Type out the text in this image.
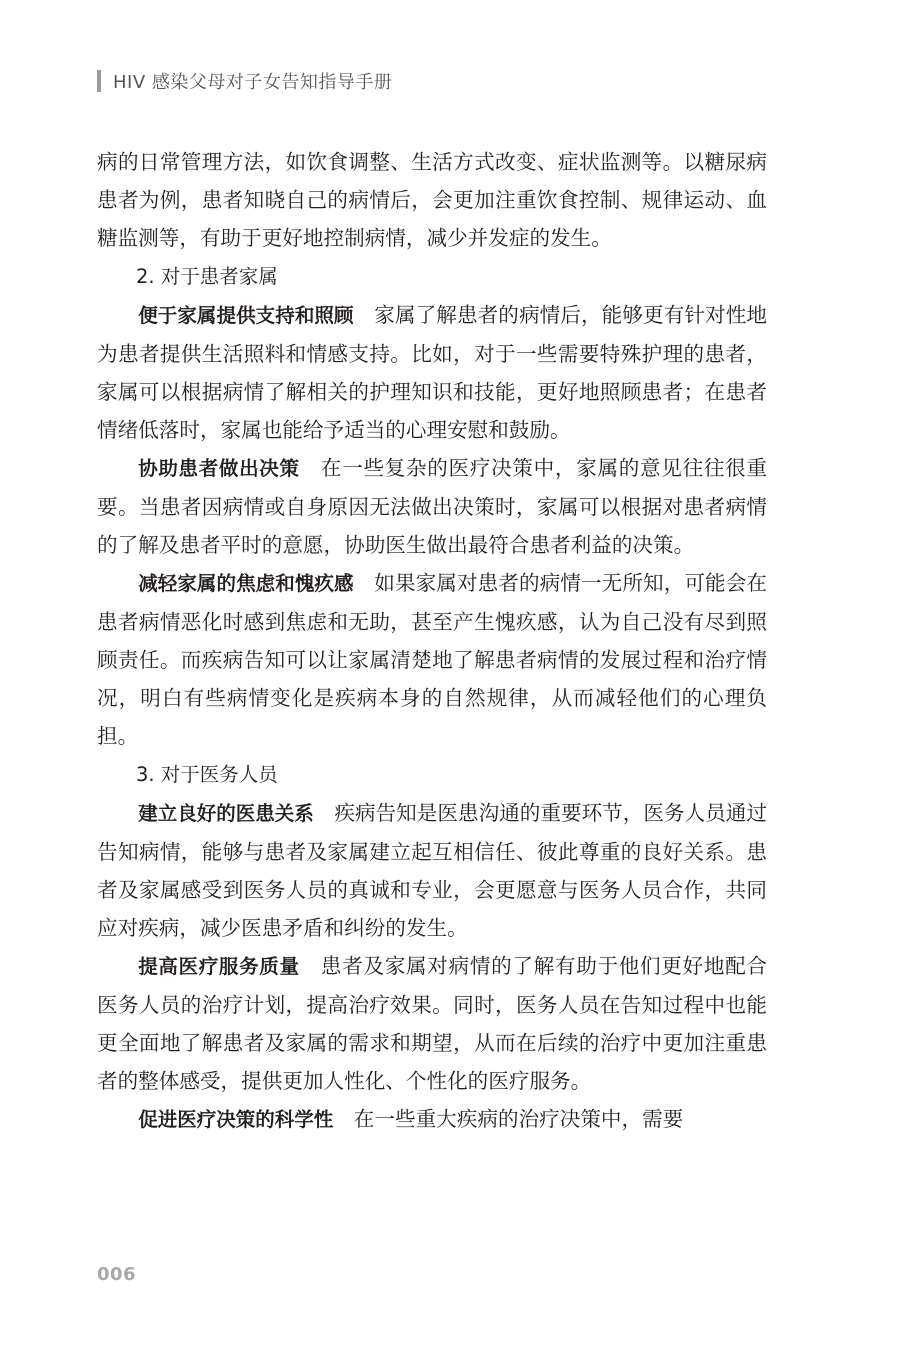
HIV 感染父母对子女告知指导手册

病的日常管理方法，如饮食调整、生活方式改变、症状监测等。以糖尿病患者为例，患者知晓自己的病情后，会更加注重饮食控制、规律运动、血糖监测等，有助于更好地控制病情，减少并发症的发生。

2. 对于患者家属

便于家属提供支持和照顾 家属了解患者的病情后，能够更有针对性地为患者提供生活照料和情感支持。比如，对于一些需要特殊护理的患者，家属可以根据病情了解相关的护理知识和技能，更好地照顾患者；在患者情绪低落时，家属也能给予适当的心理安慰和鼓励。

协助患者做出决策 在一些复杂的医疗决策中，家属的意见往往很重要。当患者因病情或自身原因无法做出决策时，家属可以根据对患者病情的了解及患者平时的意愿，协助医生做出最符合患者利益的决策。

减轻家属的焦虑和愧疚感 如果家属对患者的病情一无所知，可能会在患者病情恶化时感到焦虑和无助，甚至产生愧疚感，认为自己没有尽到照顾责任。而疾病告知可以让家属清楚地了解患者病情的发展过程和治疗情况，明白有些病情变化是疾病本身的自然规律，从而减轻他们的心理负担。

3. 对于医务人员

建立良好的医患关系 疾病告知是医患沟通的重要环节，医务人员通过告知病情，能够与患者及家属建立起互相信任、彼此尊重的良好关系。患者及家属感受到医务人员的真诚和专业，会更愿意与医务人员合作，共同应对疾病，减少医患矛盾和纠纷的发生。

提高医疗服务质量 患者及家属对病情的了解有助于他们更好地配合医务人员的治疗计划，提高治疗效果。同时，医务人员在告知过程中也能更全面地了解患者及家属的需求和期望，从而在后续的治疗中更加注重患者的整体感受，提供更加人性化、个性化的医疗服务。

促进医疗决策的科学性 在一些重大疾病的治疗决策中，需要

006
